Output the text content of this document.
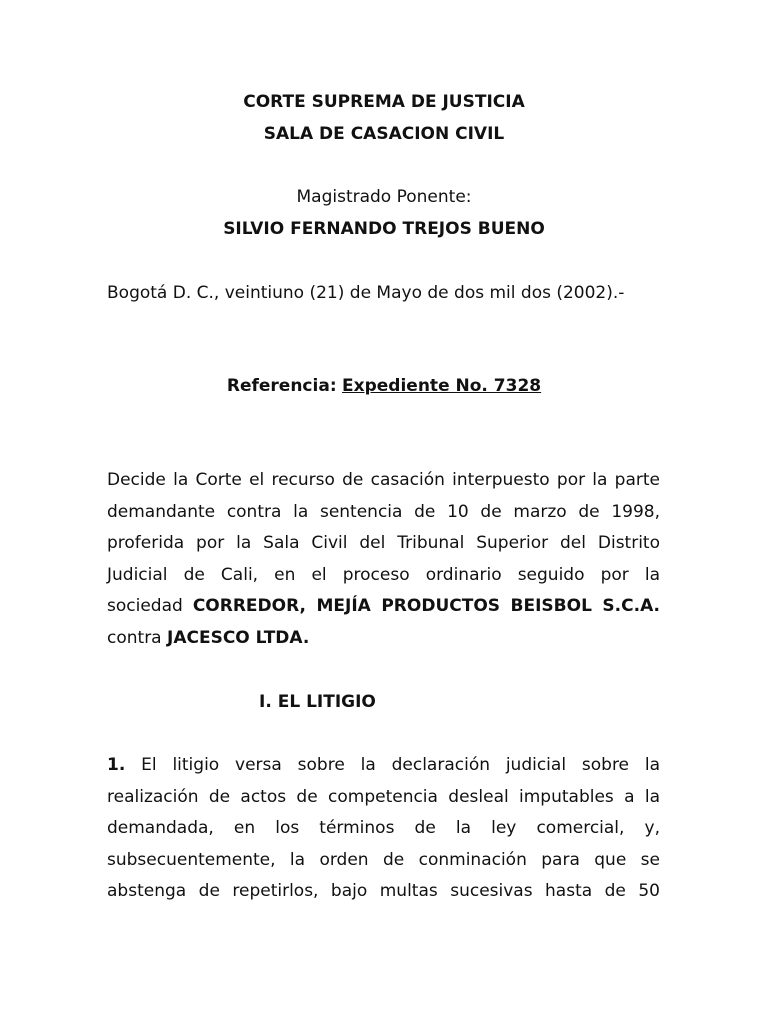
CORTE SUPREMA DE JUSTICIA
SALA DE CASACION CIVIL
Magistrado Ponente:
SILVIO FERNANDO TREJOS BUENO
Bogotá D. C., veintiuno (21) de Mayo de dos mil dos (2002).-
Referencia: Expediente No. 7328
Decide la Corte el recurso de casación interpuesto por la parte
demandante contra la sentencia de 10 de marzo de 1998,
proferida por la Sala Civil del Tribunal Superior del Distrito
Judicial de Cali, en el proceso ordinario seguido por la
sociedad CORREDOR, MEJÍA PRODUCTOS BEISBOL S.C.A.
contra JACESCO LTDA.
I. EL LITIGIO
1. El litigio versa sobre la declaración judicial sobre la
realización de actos de competencia desleal imputables a la
demandada, en los términos de la ley comercial, y,
subsecuentemente, la orden de conminación para que se
abstenga de repetirlos, bajo multas sucesivas hasta de 50
